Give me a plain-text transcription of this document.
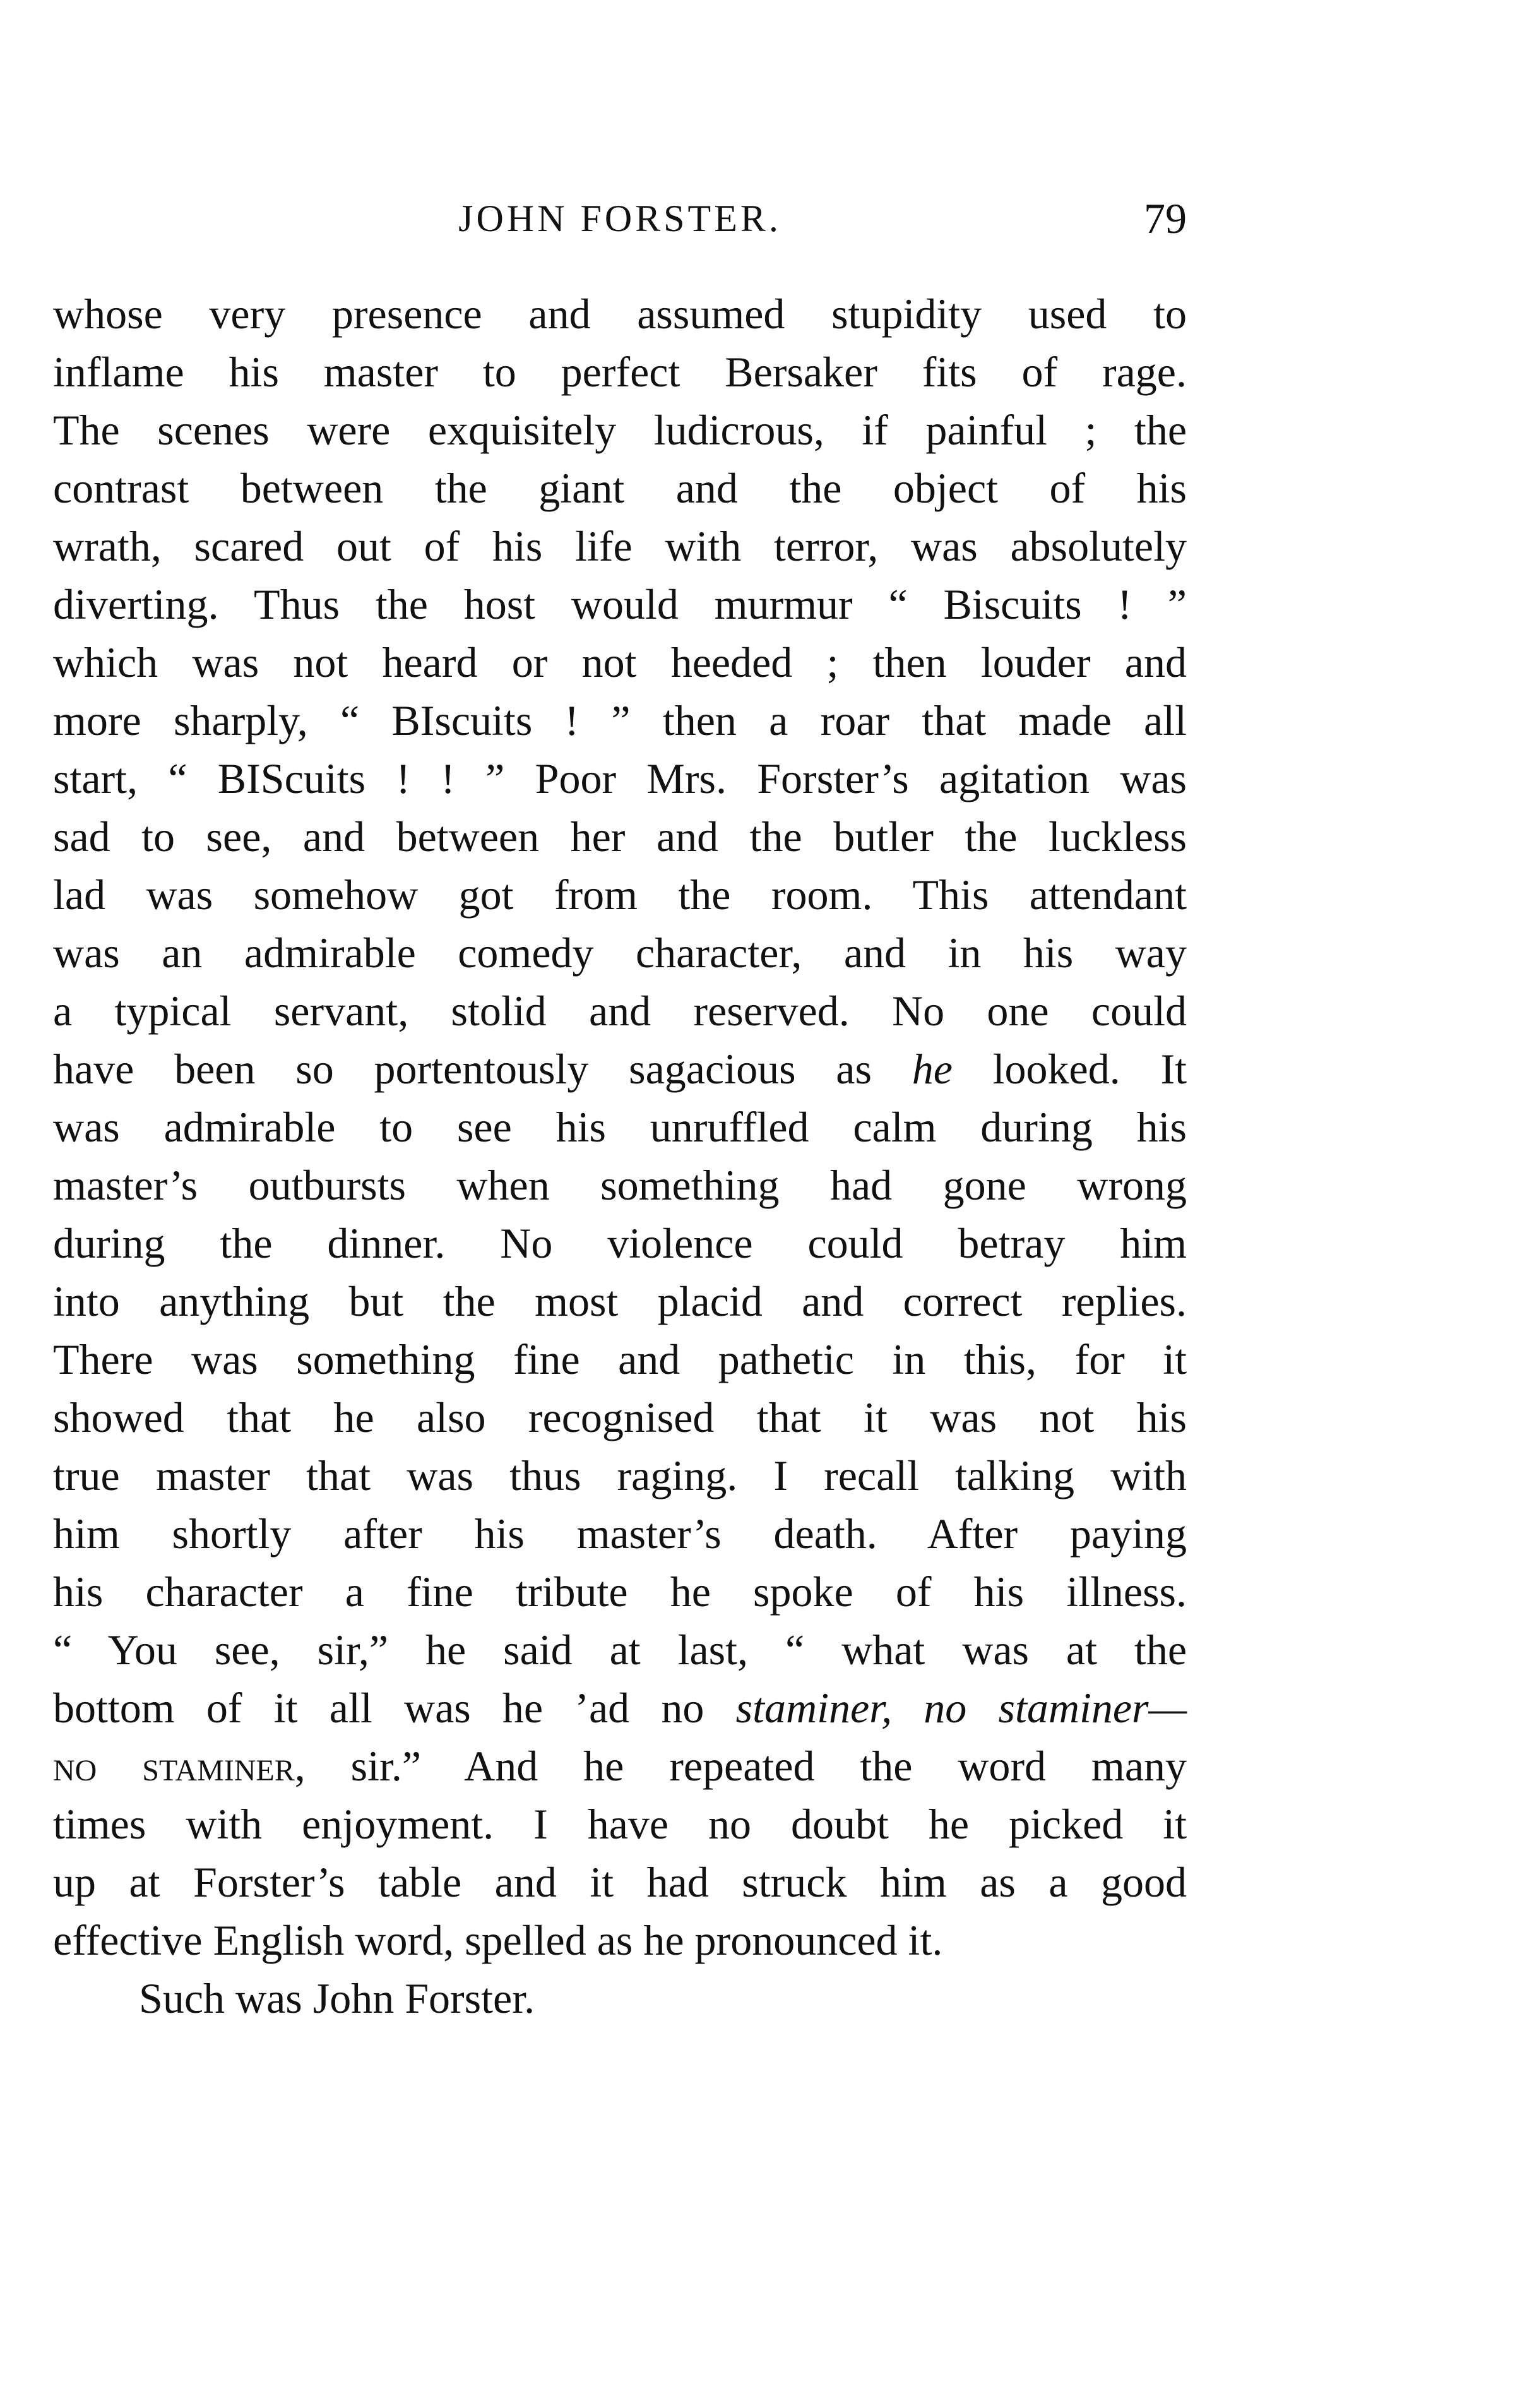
JOHN FORSTER.	79
whose very presence and assumed stupidity used to
inflame his master to perfect Bersaker fits of rage.
The scenes were exquisitely ludicrous, if painful ; the
contrast between the giant and the object of his
wrath, scared out of his life with terror, was absolutely
diverting. Thus the host would murmur “ Biscuits ! ”
which was not heard or not heeded ; then louder and
more sharply, “ BIscuits ! ” then a roar that made all
start, “ BIScuits ! ! ” Poor Mrs. Forster’s agitation was
sad to see, and between her and the butler the luckless
lad was somehow got from the room. This attendant
was an admirable comedy character, and in his way
a typical servant, stolid and reserved. No one could
have been so portentously sagacious as he looked. It
was admirable to see his unruffled calm during his
master’s outbursts when something had gone wrong
during the dinner. No violence could betray him
into anything but the most placid and correct replies.
There was something fine and pathetic in this, for it
showed that he also recognised that it was not his
true master that was thus raging. I recall talking with
him shortly after his master’s death. After paying
his character a fine tribute he spoke of his illness.
“ You see, sir,” he said at last, “ what was at the
bottom of it all was he ’ad no staminer, no staminer—
no staminer, sir.” And he repeated the word many
times with enjoyment. I have no doubt he picked it
up at Forster’s table and it had struck him as a good
effective English word, spelled as he pronounced it.
Such was John Forster.
